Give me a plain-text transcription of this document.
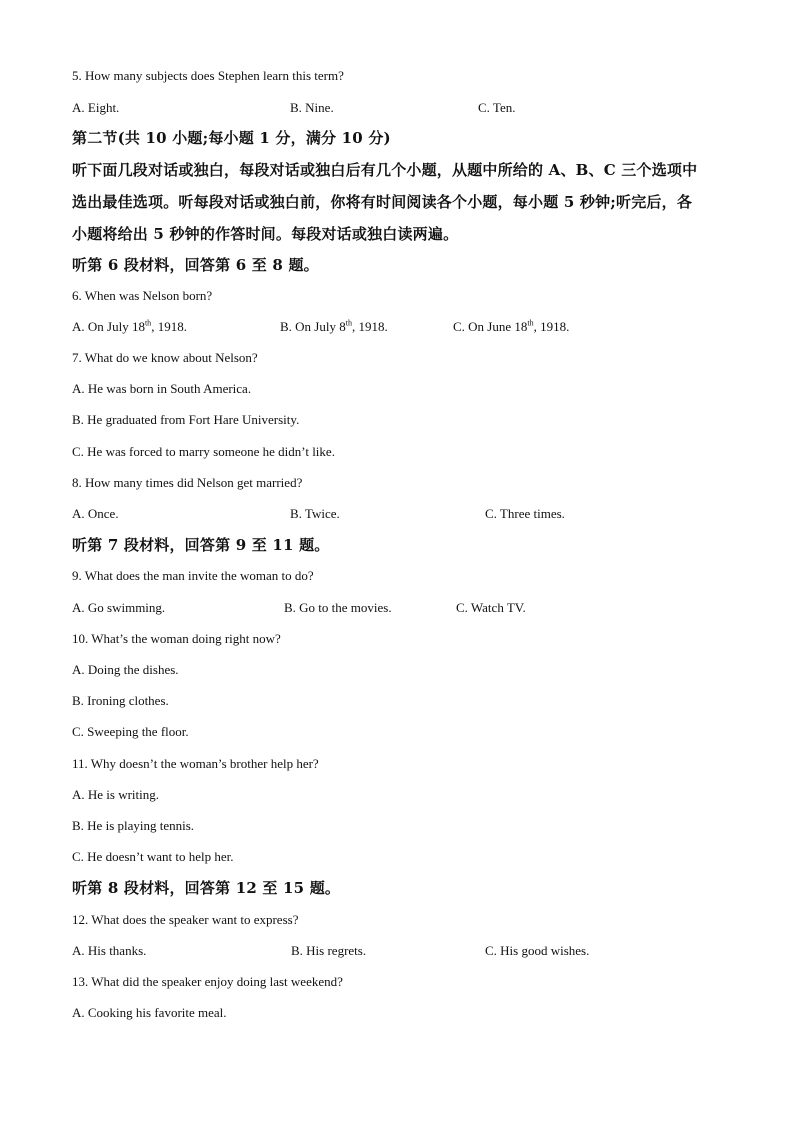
5. How many subjects does Stephen learn this term?
A. Eight.	B. Nine.	C. Ten.
第二节(共 10 小题;每小题 1 分，满分 10 分)
听下面几段对话或独白，每段对话或独白后有几个小题，从题中所给的 A、B、C 三个选项中
选出最佳选项。听每段对话或独白前，你将有时间阅读各个小题，每小题 5 秒钟;听完后，各
小题将给出 5 秒钟的作答时间。每段对话或独白读两遍。
听第 6 段材料，回答第 6 至 8 题。
6. When was Nelson born?
A. On July 18th, 1918.	B. On July 8th, 1918.	C. On June 18th, 1918.
7. What do we know about Nelson?
A. He was born in South America.
B. He graduated from Fort Hare University.
C. He was forced to marry someone he didn’t like.
8. How many times did Nelson get married?
A. Once.	B. Twice.	C. Three times.
听第 7 段材料，回答第 9 至 11 题。
9. What does the man invite the woman to do?
A. Go swimming.	B. Go to the movies.	C. Watch TV.
10. What’s the woman doing right now?
A. Doing the dishes.
B. Ironing clothes.
C. Sweeping the floor.
11. Why doesn’t the woman’s brother help her?
A. He is writing.
B. He is playing tennis.
C. He doesn’t want to help her.
听第 8 段材料，回答第 12 至 15 题。
12. What does the speaker want to express?
A. His thanks.	B. His regrets.	C. His good wishes.
13. What did the speaker enjoy doing last weekend?
A. Cooking his favorite meal.
